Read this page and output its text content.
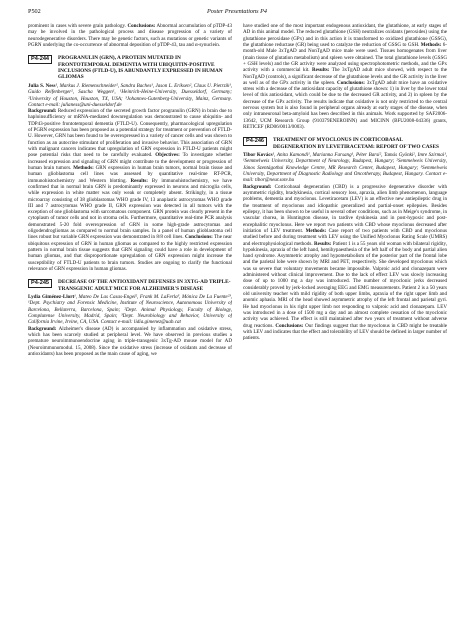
P502	Poster Presentations P4

prominent in cases with severe grain pathology. Conclusions: Abnormal accumulation of pTDP-43 may be involved in the pathological process and disease progression of a variety of neurodegenerative disorders. There may be genetic factors, such as mutations or genetic variants of PGRN underlying the co-occurrence of abnormal deposition of pTDP-43, tau and α-synuclein.

P4-244	PROGRANULIN (GRN), A PROTEIN MUTATED IN FRONTOTEMPORAL DEMENTIA WITH UBIQUITIN-POSITIVE INCLUSIONS (FTLD-U), IS ABUNDANTLY EXPRESSED IN HUMAN GLIOMAS

Julia S. Ness¹, Markus J. Riemenschneider², Sandra Baches¹, Jason L. Eriksen², Claus U. Pietrzik¹, Guido Reifenberger², Sascha Weggen¹, ¹Heinrich-Heine-University, Duesseldorf, Germany; ²University of Houston, Houston, TX, USA; ³Johannes-Gutenberg-University, Mainz, Germany. Contact e-mail: julianess@uni-duesseldorf.de

Background: Reduced expression of the secreted growth factor progranulin (GRN) in brain due to haploinsufficiency or mRNA-mediated downregulation was demonstrated to cause ubiquitin- and TDP43-positive frontotemporal dementia (FTLD-U). Consequently, pharmacological upregulation of PGRN expression has been proposed as a potential strategy for treatment or prevention of FTLD-U. However, GRN has been found to be overexpressed in a variety of cancer cells and was shown to function as an autocrine stimulant of proliferation and invasive behavior. This association of GRN with malignant cancers indicates that upregulation of GRN expression in FTLD-U patients might pose potential risks that need to be carefully evaluated. Objectives: To investigate whether increased expression and signaling of GRN might contribute to the development or progression of human brain tumors. Methods: GRN expression in human brain tumors, normal brain tissue and human glioblastoma cell lines was assessed by quantitative real-time RT-PCR, immunohistochemistry and Western blotting. Results: By immunohistochemistry, we have confirmed that in normal brain GRN is predominantly expressed in neurons and microglia cells, while expression in white matter was only weak or completely absent. Strikingly, in a tissue microarray consisting of 38 glioblastomas WHO grade IV, 13 anaplastic astrocytomas WHO grade III and 7 astrocytomas WHO grade II, GRN expression was detected in all tumors with the exception of one glioblastoma with sarcomatous component. GRN protein was clearly present in the cytoplasm of tumor cells and not in stroma cells. Furthermore, quantitative real-time PCR analysis demonstrated 5-20 fold overexpression of GRN in some high-grade astrocytomas and oligodendrogliomas as compared to normal brain samples. In a panel of human glioblastoma cell lines robust but variable GRN expression was demonstrated in 8/8 cell lines. Conclusions: The near ubiquitous expression of GRN in human gliomas as compared to the highly restricted expression pattern in normal brain tissue suggests that GRN signaling could have a role in development of human gliomas, and that disproportionate upregulation of GRN expression might increase the susceptibility of FTLD-U patients to brain tumors. Studies are ongoing to clarify the functional relevance of GRN expression in human gliomas.

P4-245	DECREASE OF THE ANTIOXIDANT DEFENSES IN 3XTG-AD TRIPLE-TRANSGENIC ADULT MICE FOR ALZHEIMER'S DISEASE

Lydia Giménez-Llort¹, Mateo De Las Casas-Engel², Frank M. LaFerla³, Mónica De La Fuente²³, ¹Dept. Psychiatry and Forensic Medicine, Institute of Neuroscience, Autonomous University of Barcelona, Bellaterra, Barcelona, Spain; ²Dept. Animal Physiology, Faculty of Biology, Complutense University, Madrid, Spain; ³Dept. Neurobiology and Behavior, University of California Irvine, Irvine, CA, USA. Contact e-mail: lidia.gimenez@uab.cat

Background: Alzheimer's disease (AD) is accompanied by inflammation and oxidative stress, which has been scarcely studied at peripheral level. We have observed in previous studies a premature neuroimmunoendocrine aging in triple-transgenic 3xTg-AD mouse model for AD (Neuroimmunomodul. 15, 2008). Since the oxidative stress (increase of oxidants and decrease of antioxidants) has been proposed as the main cause of aging, we

have studied one of the most important endogenous antioxidant, the glutathione, at early stages of AD in this animal model. The reduced glutathione (GSH) neutralizes oxidants (peroxides) using the glutathione peroxidase (GPx) and in this action it is transformed to oxidized glutathione (GSSG), the glutathione reductase (GR) being used to catalyze the reduction of GSSG to GSH. Methods: 6-month-old Male 3xTgAD and NonTgAD mice male were used. Tissues homogenates from liver (main tissue of glutation metabolism) and spleen were obtained. The total glutathione levels (GSSG + GSH levels) and the GR activity were analyzed using spectrophotometric methods, and the GPx activity with a commercial kit. Results: The 3xTgAD adult mice showed, with respect to the NonTgAD (controls), a significant decrease of the glutathione levels and the GR activity in the liver as well as of the GPx activity in the spleen. Conclusions: 3xTgAD adult mice have an oxidative stress with a decrease of the antioxidant capacity of glutathione shown: 1) in liver by the lower total level of this antioxidant, which could be due to the decreased GR activity, and 2) in spleen by the decrease of the GPx activity. The results indicate that oxidative is not only restricted to the central nervous system but is also found in peripheral organs already at early stages of the disease, when only intraneuronal beta-amyloid has been described in this animals. Work supported by SAF2006-13642, UCM Research Group (910379ENEROINN) and MICINN (BFU2008-04336) grants, RETICEF (RD06/0013/0003).

P4-246	TREATMENT OF MYOCLONUS IN CORTICOBASAL DEGENERATION BY LEVETIRACETAM: REPORT OF TWO CASES

Tibor Kovács¹, Anita Kamondi¹, Marianna Farsang¹, Péter Barsi², Tamás Gyönki², Imre Szirmai¹, ¹Semmelweis University, Department of Neurology, Budapest, Hungary; ²Semmelweis University, János Szentágothai Knowledge Centre, MR Research Center, Budapest, Hungary; ³Semmelweis University, Department of Diagnostic Radiology and Oncotherapy, Budapest, Hungary. Contact e-mail: tibor@neur.sote.hu

Background: Corticobasal degeneration (CBD) is a progressive degenerative disorder with asymmetric rigidity, bradykinesia, cortical sensory loss, apraxia, alien limb phenomenon, language problems, dementia and myoclonus. Levetiracetam (LEV) is an effective new antiepileptic drug in the treatment of myoclonus and idiopathic generalized and partial-onset epilepsies. Besides epilepsy, it has been shown to be useful in several other conditions, such as in Meige's syndrome, in vascular chorea, in Huntington disease, in tardive dyskinesia and in post-hypoxic and post-encephalitic myoclonus. Here we report two patients with CBD whose myoclonus decreased after initiation of LEV treatment. Methods: Case report of two patients with CBD and myoclonus studied before and during treatment with LEV using the Unified Myoclonus Rating Scale (UMRS) and electrophysiological methods. Results: Patient 1 is a 55 years old woman with bilateral rigidity, hypokinesia, apraxia of the left hand, hemihypaesthesia of the left half of the body and partial alien hand syndrome. Asymmetric atrophy and hypometabolism of the posterior part of the frontal lobe and the parietal lobe were shown by MRI and PET, respectively. She developed myoclonus which was so severe that voluntary movements became impossible. Valproic acid and clonazepam were administered without clinical improvement. Due to the lack of effect LEV was slowly increasing dose of up to 1000 mg a day was introduced. The number of myoclonic jerks decreased considerably proved by jerk-locked averaging EEG and EMG measurements. Patient 2 is a 50 years old university teacher with mild rigidity of both upper limbs, apraxia of the right upper limb and anomic aphasia. MRI of the head showed asymmetric atrophy of the left frontal and parietal gyri. He had myoclonus in his right upper limb not responding to valproic acid and clonazepam. LEV was introduced in a dose of 1500 mg a day and an almost complete cessation of the myoclonic activity was achieved. The effect is still maintained after two years of treatment without adverse drug reactions. Conclusions: Our findings suggest that the myoclonus in CBD might be treatable with LEV and indicates that the effect and tolerability of LEV should be defined in larger number of patients.
